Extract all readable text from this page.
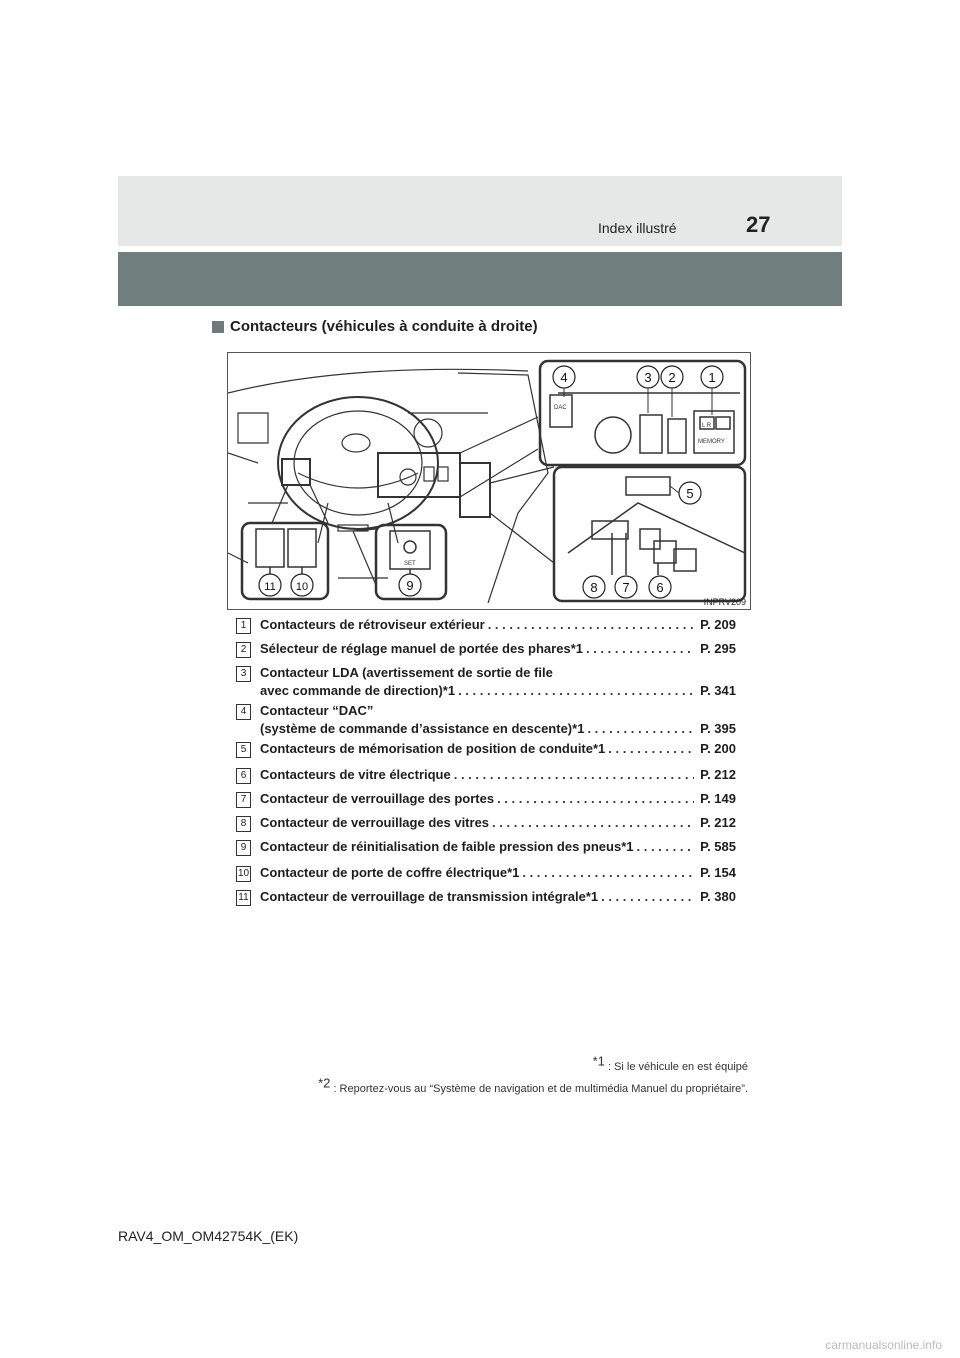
Index illustré	27
Contacteurs (véhicules à conduite à droite)
DAC
MEMORY
L R
SET
1
2
3
4
5
6
7
8
9
10
11
INPRV209
1	Contacteurs de rétroviseur extérieur . . .	P. 209
2	Sélecteur de réglage manuel de portée des phares *1 . . .	P. 295
3	Contacteur LDA (avertissement de sortie de file
avec commande de direction) *1 . . .	P. 341
4	Contacteur “DAC”
(système de commande d’assistance en descente) *1 . . .	P. 395
5	Contacteurs de mémorisation de position de conduite *1 . . .	P. 200
6	Contacteurs de vitre électrique . . .	P. 212
7	Contacteur de verrouillage des portes . . .	P. 149
8	Contacteur de verrouillage des vitres . . .	P. 212
9	Contacteur de réinitialisation de faible pression des pneus *1 . . .	P. 585
10 Contacteur de porte de coffre électrique *1 . . .	P. 154
11 Contacteur de verrouillage de transmission intégrale *1 . . .	P. 380
*1 : Si le véhicule en est équipé
*2 : Reportez-vous au “Système de navigation et de multimédia Manuel du propriétaire”.
RAV4_OM_OM42754K_(EK)
carmanualsonline.info
